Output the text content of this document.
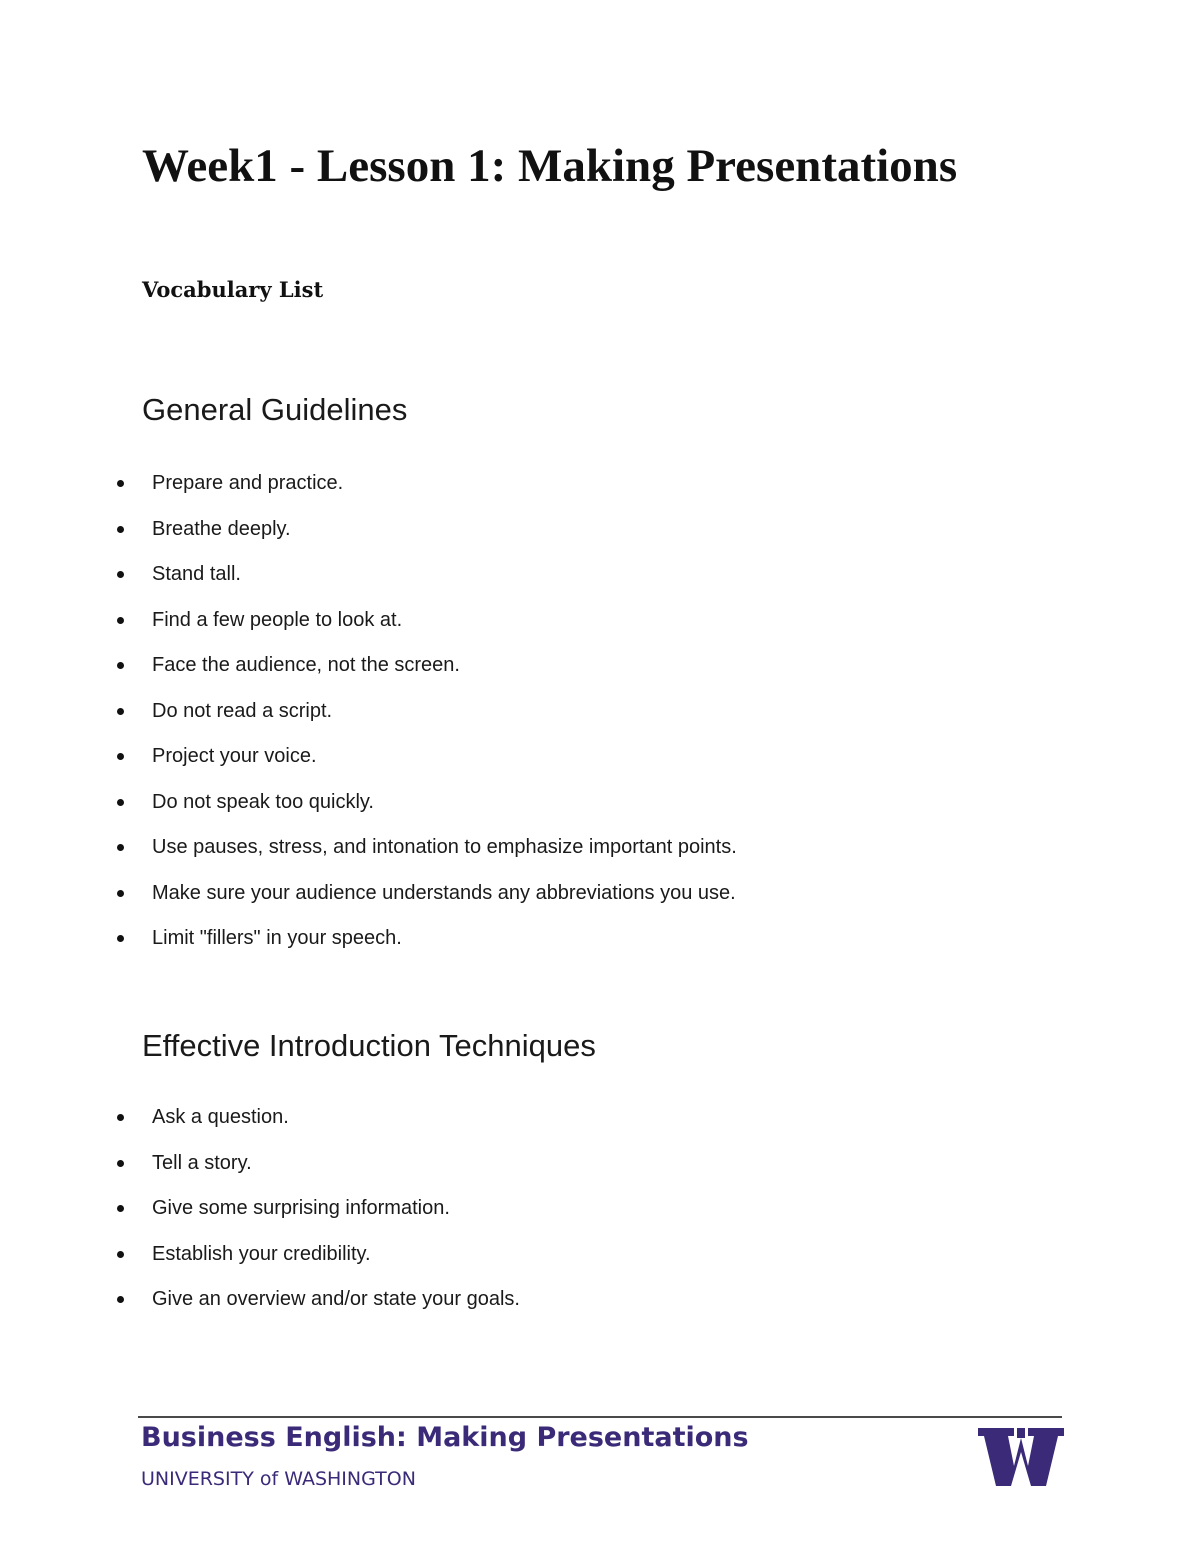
Week1 - Lesson 1: Making Presentations
Vocabulary List
General Guidelines
Prepare and practice.
Breathe deeply.
Stand tall.
Find a few people to look at.
Face the audience, not the screen.
Do not read a script.
Project your voice.
Do not speak too quickly.
Use pauses, stress, and intonation to emphasize important points.
Make sure your audience understands any abbreviations you use.
Limit "fillers" in your speech.
Effective Introduction Techniques
Ask a question.
Tell a story.
Give some surprising information.
Establish your credibility.
Give an overview and/or state your goals.

Business English: Making Presentations

UNIVERSITY of WASHINGTON
